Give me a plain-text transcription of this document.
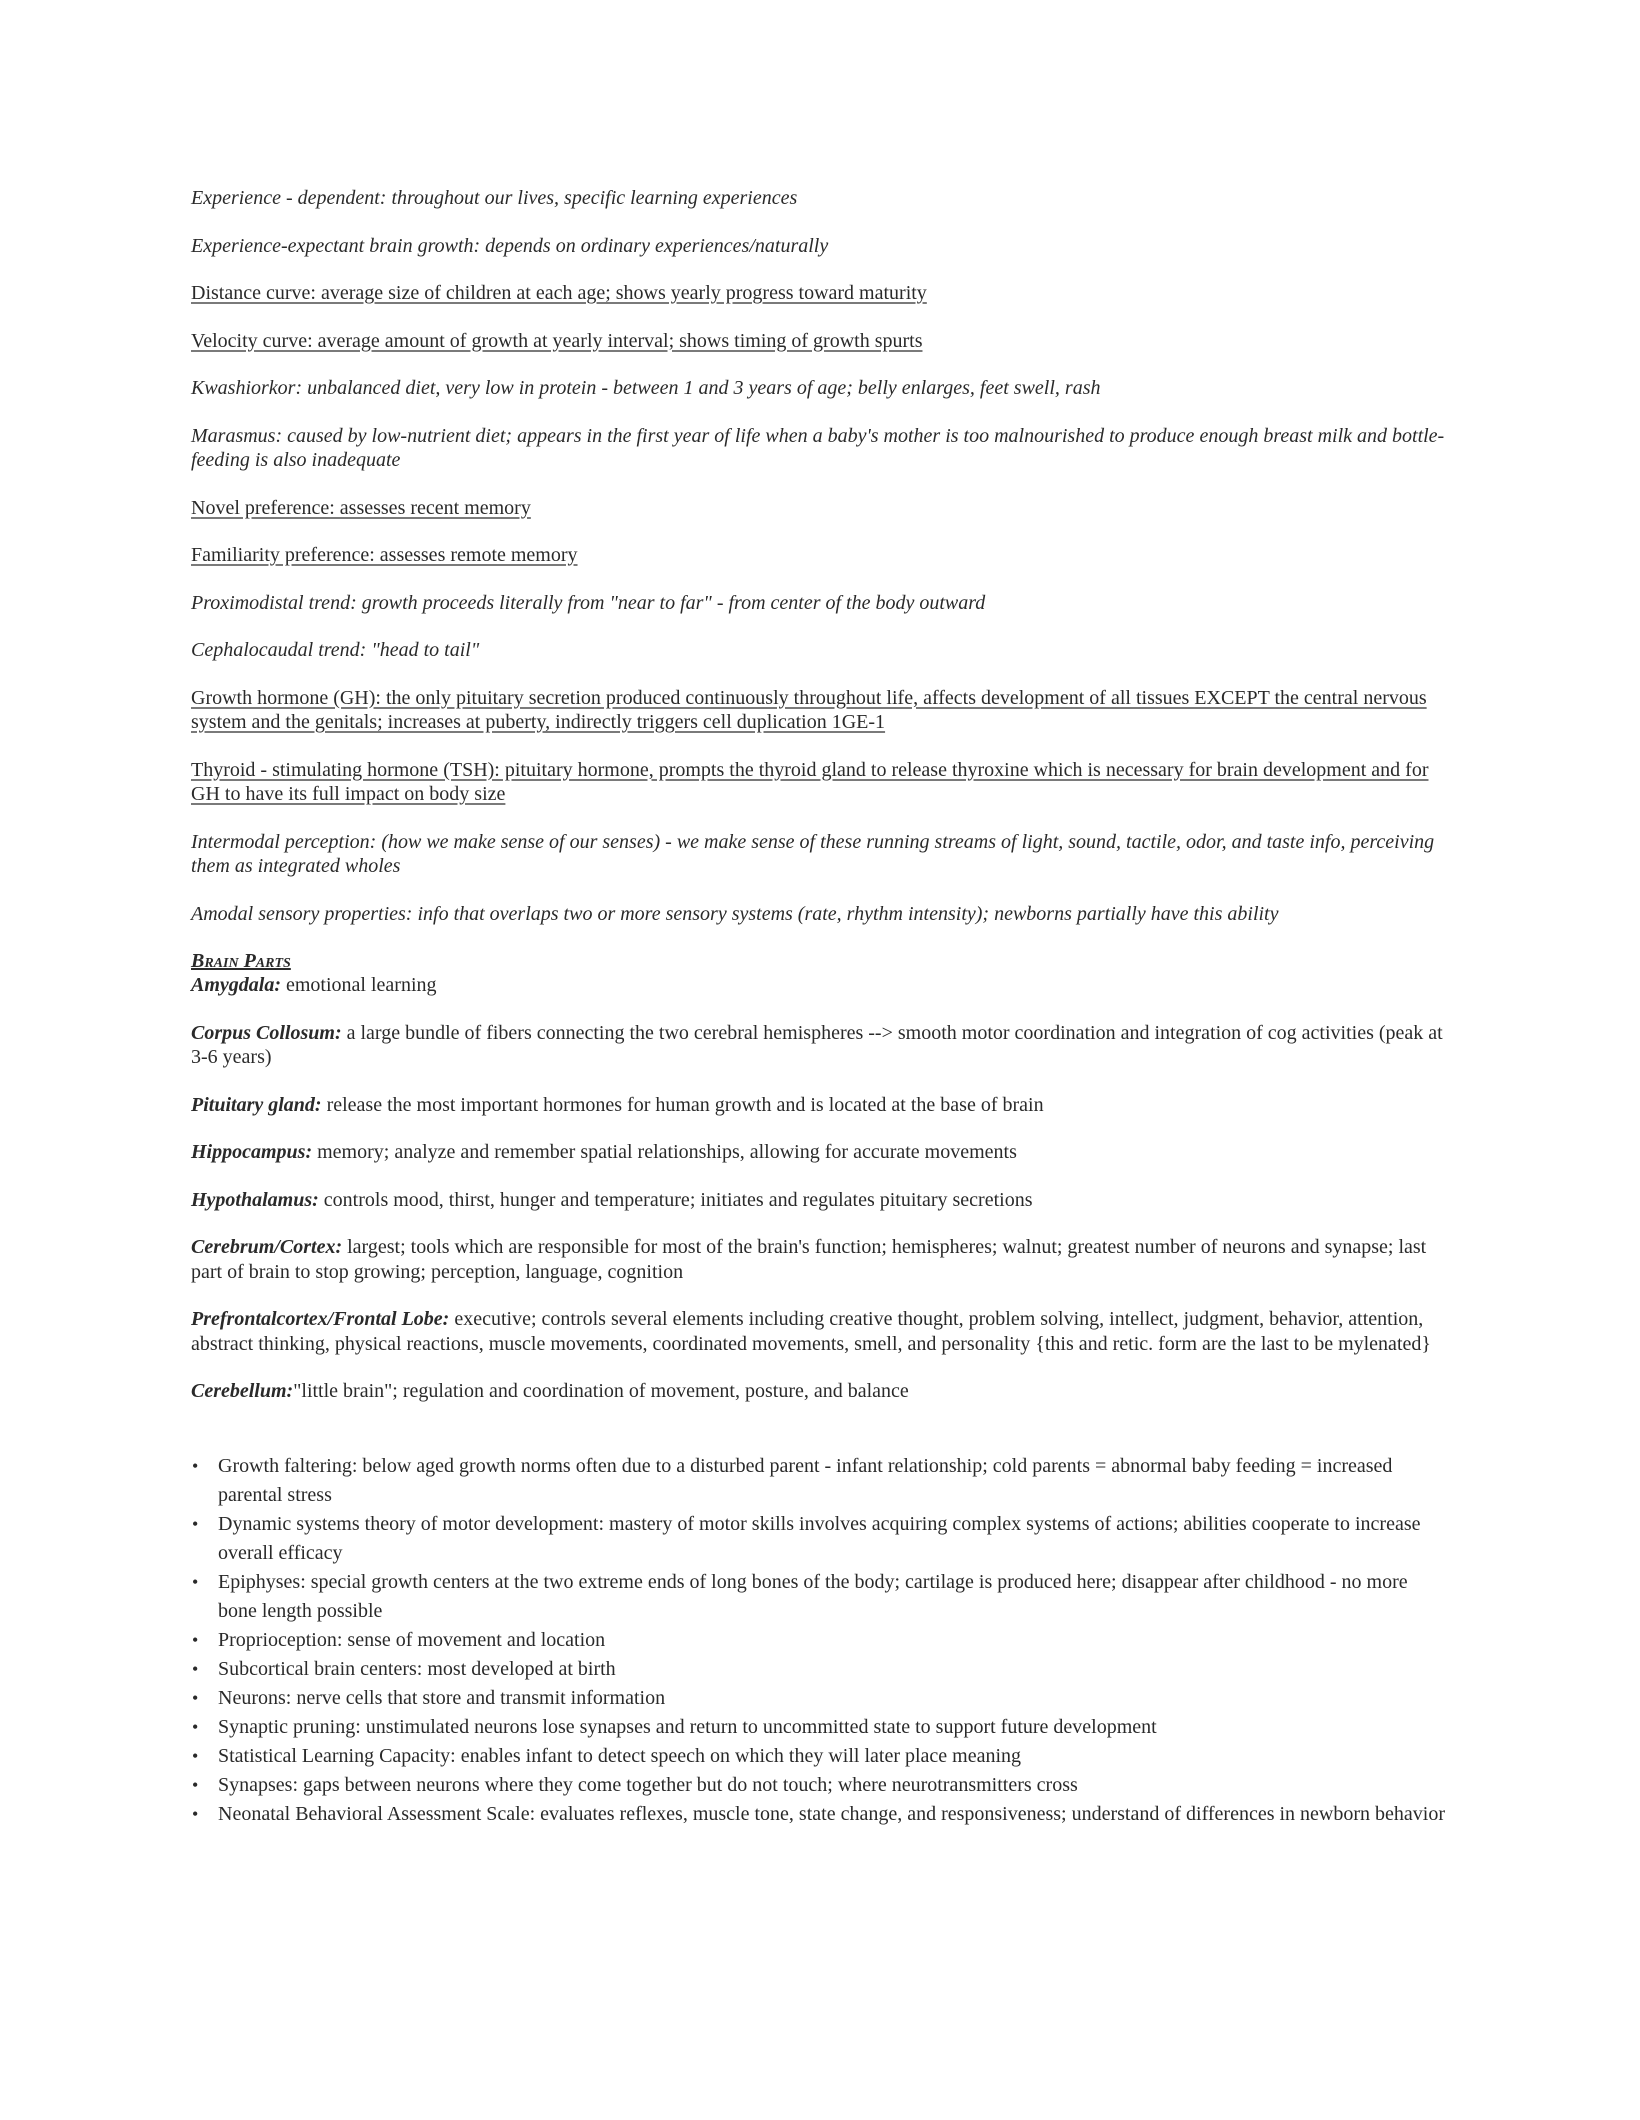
Experience - dependent: throughout our lives, specific learning experiences

Experience-expectant brain growth: depends on ordinary experiences/naturally

Distance curve: average size of children at each age; shows yearly progress toward maturity

Velocity curve: average amount of growth at yearly interval; shows timing of growth spurts

Kwashiorkor: unbalanced diet, very low in protein - between 1 and 3 years of age; belly enlarges, feet swell, rash

Marasmus: caused by low-nutrient diet; appears in the first year of life when a baby's mother is too malnourished to produce enough breast milk and bottle-feeding is also inadequate

Novel preference: assesses recent memory

Familiarity preference: assesses remote memory

Proximodistal trend: growth proceeds literally from "near to far" - from center of the body outward

Cephalocaudal trend: "head to tail"

Growth hormone (GH): the only pituitary secretion produced continuously throughout life, affects development of all tissues EXCEPT the central nervous system and the genitals; increases at puberty, indirectly triggers cell duplication 1GE-1

Thyroid - stimulating hormone (TSH): pituitary hormone, prompts the thyroid gland to release thyroxine which is necessary for brain development and for GH to have its full impact on body size

Intermodal perception: (how we make sense of our senses) - we make sense of these running streams of light, sound, tactile, odor, and taste info, perceiving them as integrated wholes

Amodal sensory properties: info that overlaps two or more sensory systems (rate, rhythm intensity); newborns partially have this ability

Brain Parts

Amygdala: emotional learning

Corpus Collosum: a large bundle of fibers connecting the two cerebral hemispheres --> smooth motor coordination and integration of cog activities (peak at 3-6 years)

Pituitary gland: release the most important hormones for human growth and is located at the base of brain

Hippocampus: memory; analyze and remember spatial relationships, allowing for accurate movements

Hypothalamus: controls mood, thirst, hunger and temperature; initiates and regulates pituitary secretions

Cerebrum/Cortex: largest; tools which are responsible for most of the brain's function; hemispheres; walnut; greatest number of neurons and synapse; last part of brain to stop growing; perception, language, cognition

Prefrontalcortex/Frontal Lobe: executive; controls several elements including creative thought, problem solving, intellect, judgment, behavior, attention, abstract thinking, physical reactions, muscle movements, coordinated movements, smell, and personality {this and retic. form are the last to be mylenated}

Cerebellum:"little brain"; regulation and coordination of movement, posture, and balance

• Growth faltering: below aged growth norms often due to a disturbed parent - infant relationship; cold parents = abnormal baby feeding = increased parental stress
• Dynamic systems theory of motor development: mastery of motor skills involves acquiring complex systems of actions; abilities cooperate to increase overall efficacy
• Epiphyses: special growth centers at the two extreme ends of long bones of the body; cartilage is produced here; disappear after childhood - no more bone length possible
• Proprioception: sense of movement and location
• Subcortical brain centers: most developed at birth
• Neurons: nerve cells that store and transmit information
• Synaptic pruning: unstimulated neurons lose synapses and return to uncommitted state to support future development
• Statistical Learning Capacity: enables infant to detect speech on which they will later place meaning
• Synapses: gaps between neurons where they come together but do not touch; where neurotransmitters cross
• Neonatal Behavioral Assessment Scale: evaluates reflexes, muscle tone, state change, and responsiveness; understand of differences in newborn behavior
